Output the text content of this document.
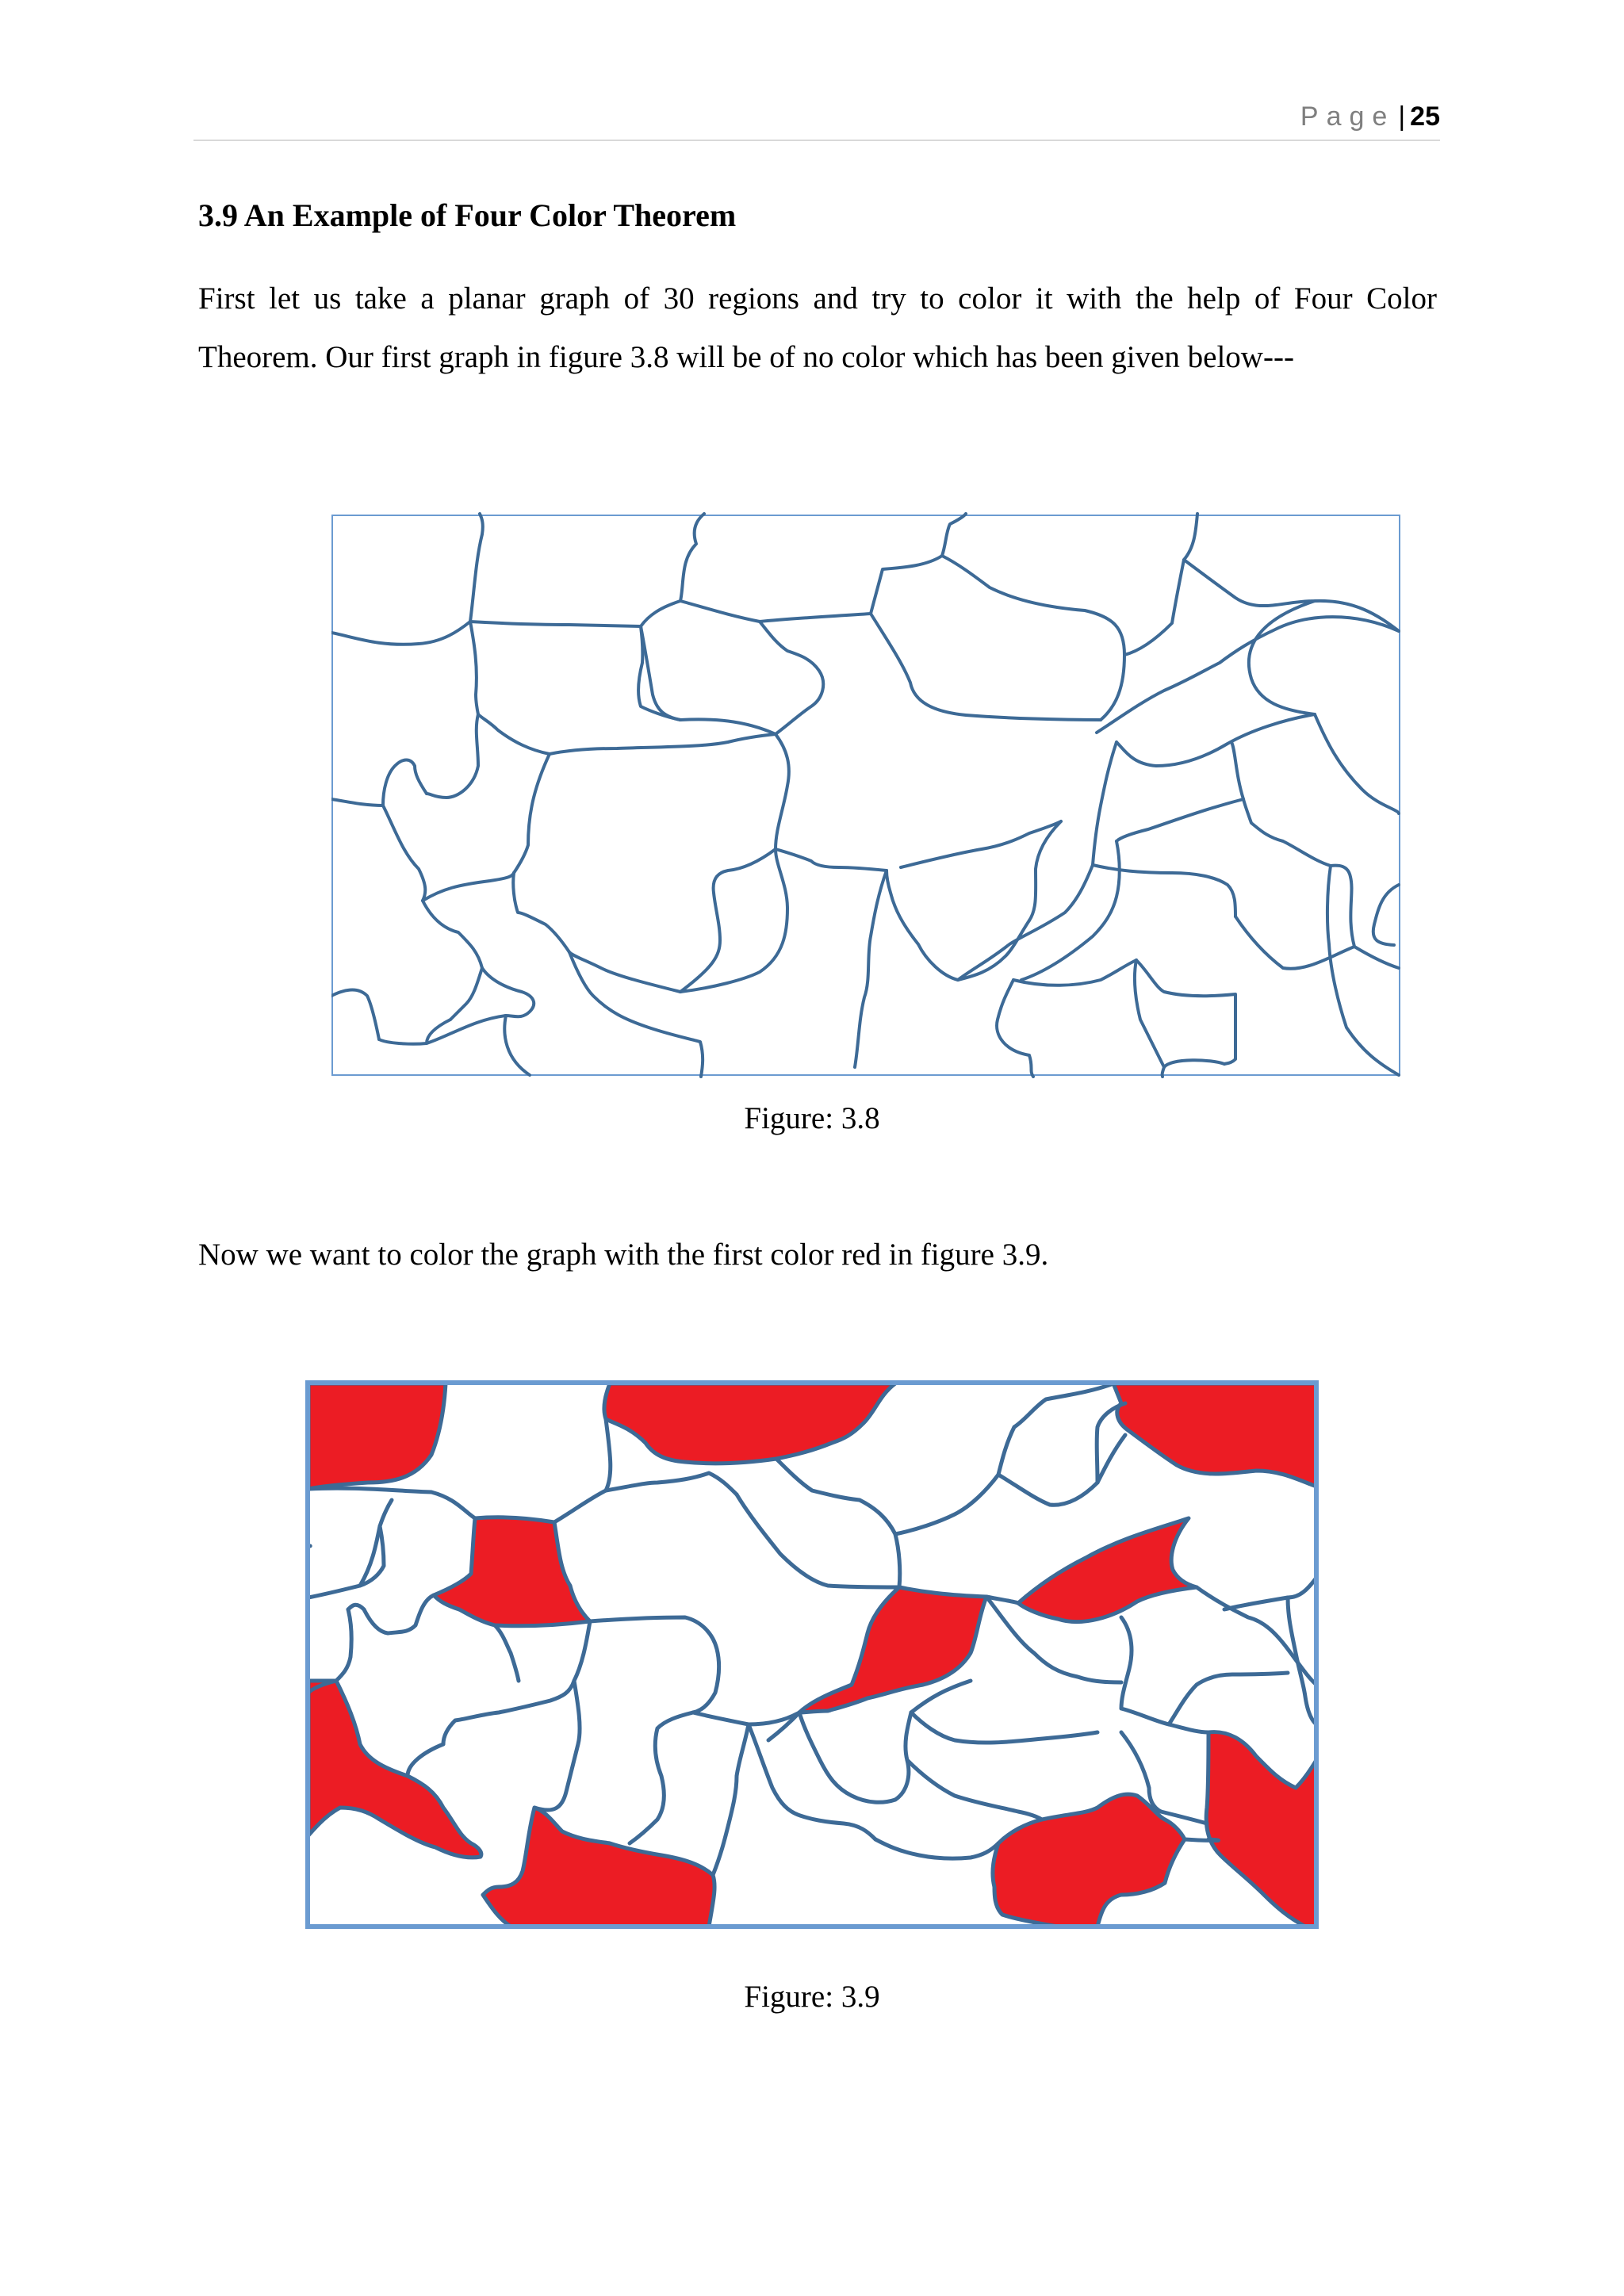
Page | 25
3.9 An Example of Four Color Theorem

First let us take a planar graph of 30 regions and try to color it with the help of Four Color Theorem. Our first graph in figure 3.8 will be of no color which has been given below---

Figure: 3.8

Now we want to color the graph with the first color red in figure 3.9.

Figure: 3.9
